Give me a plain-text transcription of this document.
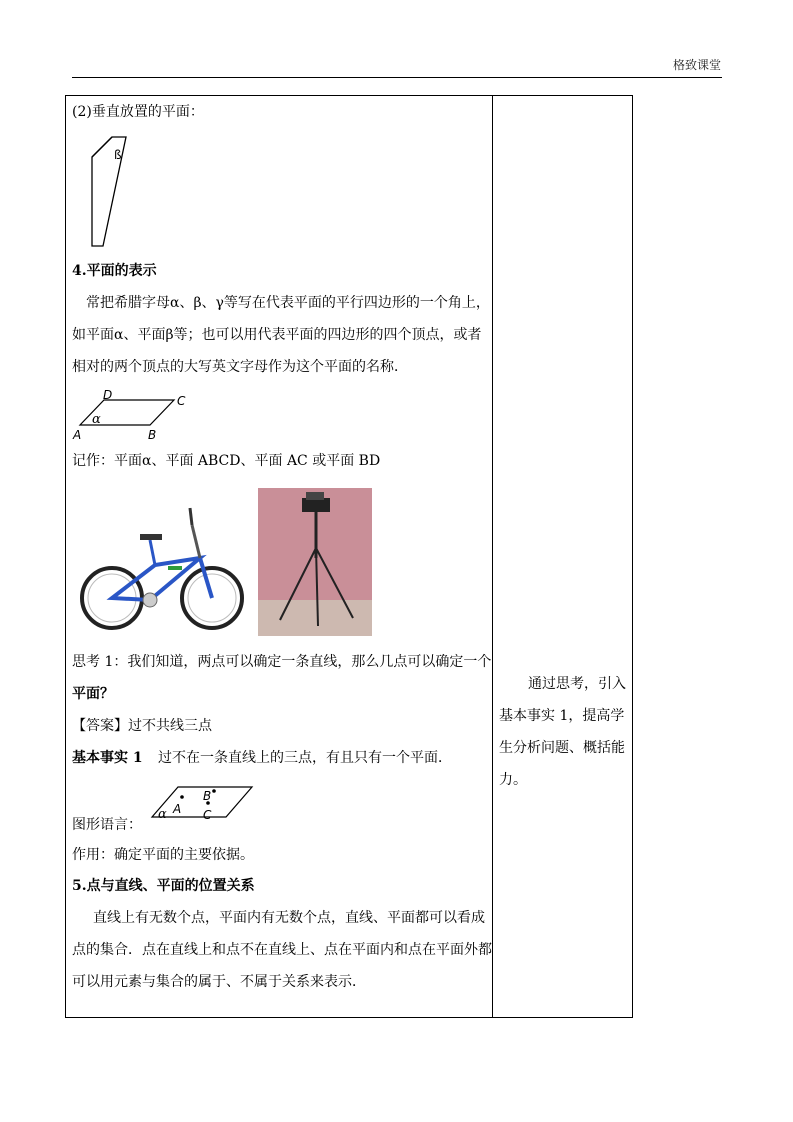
格致课堂
(2)垂直放置的平面：
ß
4.平面的表示
常把希腊字母α、β、γ等写在代表平面的平行四边形的一个角上，
如平面α、平面β等；也可以用代表平面的四边形的四个顶点，或者
相对的两个顶点的大写英文字母作为这个平面的名称．
D	C
A	B
α
记作：平面α、平面 ABCD、平面 AC 或平面 BD
思考 1：我们知道，两点可以确定一条直线，那么几点可以确定一个
平面？
【答案】过不共线三点
基本事实 1 过不在一条直线上的三点，有且只有一个平面．
A
B
C
α
图形语言：
作用：确定平面的主要依据。
5.点与直线、平面的位置关系
直线上有无数个点，平面内有无数个点，直线、平面都可以看成
点的集合．点在直线上和点不在直线上、点在平面内和点在平面外都
可以用元素与集合的属于、不属于关系来表示．
通过思考，引入
基本事实 1，提高学
生分析问题、概括能
力。
